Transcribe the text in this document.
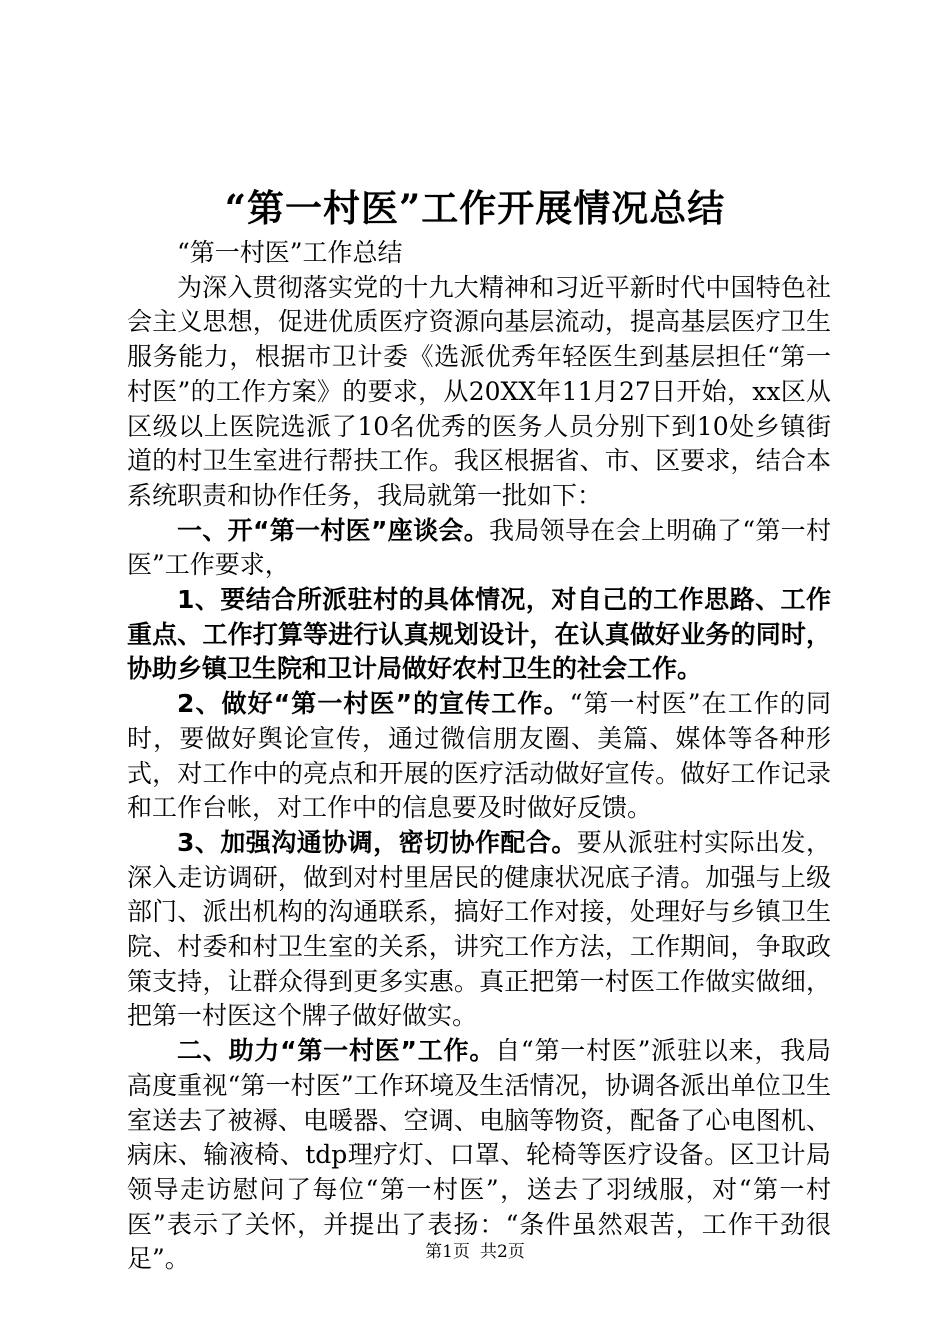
“第一村医”工作开展情况总结

“第一村医”工作总结

为深入贯彻落实党的十九大精神和习近平新时代中国特色社会主义思想，促进优质医疗资源向基层流动，提高基层医疗卫生服务能力，根据市卫计委《选派优秀年轻医生到基层担任“第一村医”的工作方案》的要求，从20XX年11月27日开始，xx区从区级以上医院选派了10名优秀的医务人员分别下到10处乡镇街道的村卫生室进行帮扶工作。我区根据省、市、区要求，结合本系统职责和协作任务，我局就第一批如下：

一、开“第一村医”座谈会。我局领导在会上明确了“第一村医”工作要求，

1、要结合所派驻村的具体情况，对自己的工作思路、工作重点、工作打算等进行认真规划设计，在认真做好业务的同时，协助乡镇卫生院和卫计局做好农村卫生的社会工作。

2、做好“第一村医”的宣传工作。“第一村医”在工作的同时，要做好舆论宣传，通过微信朋友圈、美篇、媒体等各种形式，对工作中的亮点和开展的医疗活动做好宣传。做好工作记录和工作台帐，对工作中的信息要及时做好反馈。

3、加强沟通协调，密切协作配合。要从派驻村实际出发，深入走访调研，做到对村里居民的健康状况底子清。加强与上级部门、派出机构的沟通联系，搞好工作对接，处理好与乡镇卫生院、村委和村卫生室的关系，讲究工作方法，工作期间，争取政策支持，让群众得到更多实惠。真正把第一村医工作做实做细，把第一村医这个牌子做好做实。

二、助力“第一村医”工作。自“第一村医”派驻以来，我局高度重视“第一村医”工作环境及生活情况，协调各派出单位卫生室送去了被褥、电暖器、空调、电脑等物资，配备了心电图机、病床、输液椅、tdp理疗灯、口罩、轮椅等医疗设备。区卫计局领导走访慰问了每位“第一村医”，送去了羽绒服，对“第一村医”表示了关怀，并提出了表扬：“条件虽然艰苦，工作干劲很足”。	第1页 共2页
